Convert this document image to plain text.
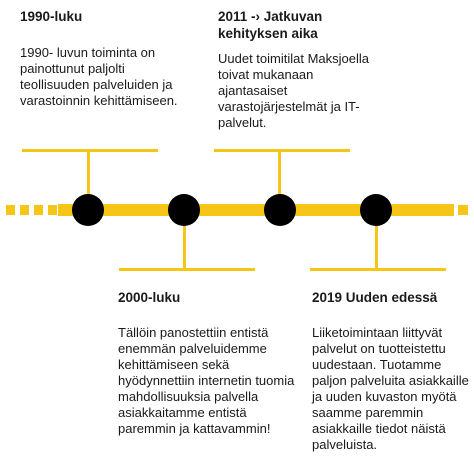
1990-luku

1990- luvun toiminta on painottunut paljolti teollisuuden palveluiden ja varastoinnin kehittämiseen.

2011 -› Jatkuvan kehityksen aika

Uudet toimitilat Maksjoella toivat mukanaan ajantasaiset varastojärjestelmät ja IT-palvelut.

2000-luku

Tällöin panostettiin entistä enemmän palveluidemme kehittämiseen sekä hyödynnettiin internetin tuomia mahdollisuuksia palvella asiakkaitamme entistä paremmin ja kattavammin!

2019 Uuden edessä

Liiketoimintaan liittyvät palvelut on tuotteistettu uudestaan. Tuotamme paljon palveluita asiakkaille ja uuden kuvaston myötä saamme paremmin asiakkaille tiedot näistä palveluista.
